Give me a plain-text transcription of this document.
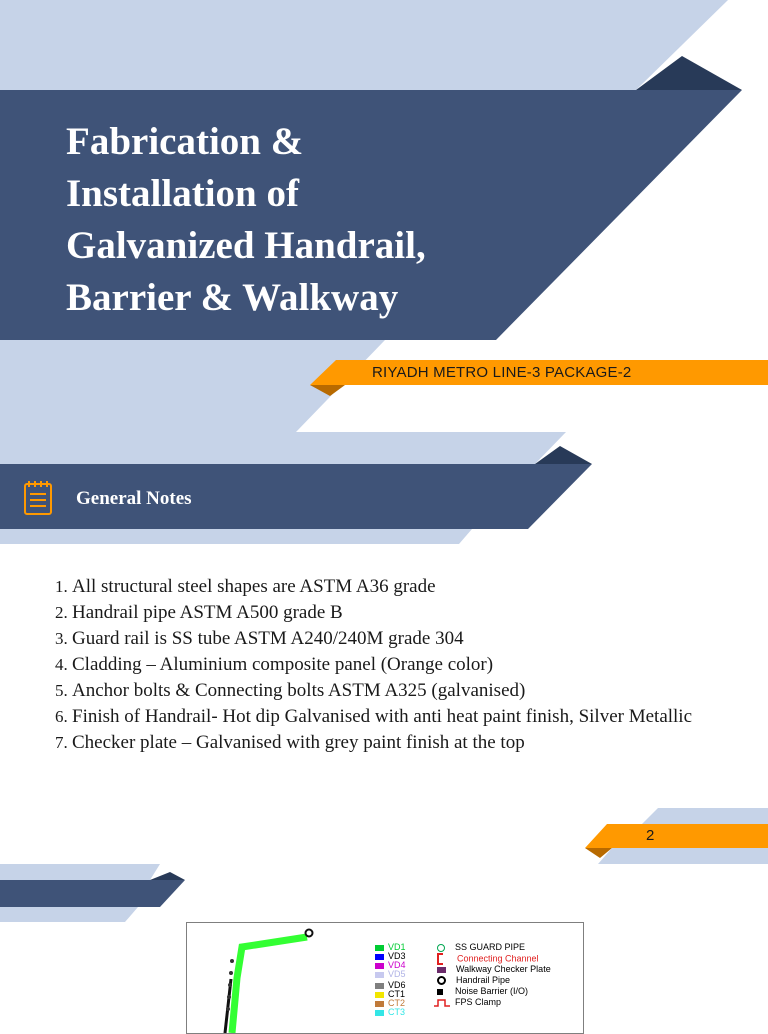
Fabrication &
Installation of
Galvanized Handrail,
Barrier & Walkway
RIYADH METRO LINE-3 PACKAGE-2
General Notes
1. All structural steel shapes are ASTM A36 grade
2. Handrail pipe ASTM A500 grade B
3. Guard rail is SS tube ASTM A240/240M grade 304
4. Cladding – Aluminium composite panel (Orange color)
5. Anchor bolts & Connecting bolts ASTM A325 (galvanised)
6. Finish of Handrail- Hot dip Galvanised with anti heat paint finish, Silver Metallic
7. Checker plate – Galvanised with grey paint finish at the top
2
VD1
VD3
VD4
VD5
VD6
CT1
CT2
CT3
SS GUARD PIPE
Connecting Channel
Walkway Checker Plate
Handrail Pipe
Noise Barrier (I/O)
FPS Clamp
